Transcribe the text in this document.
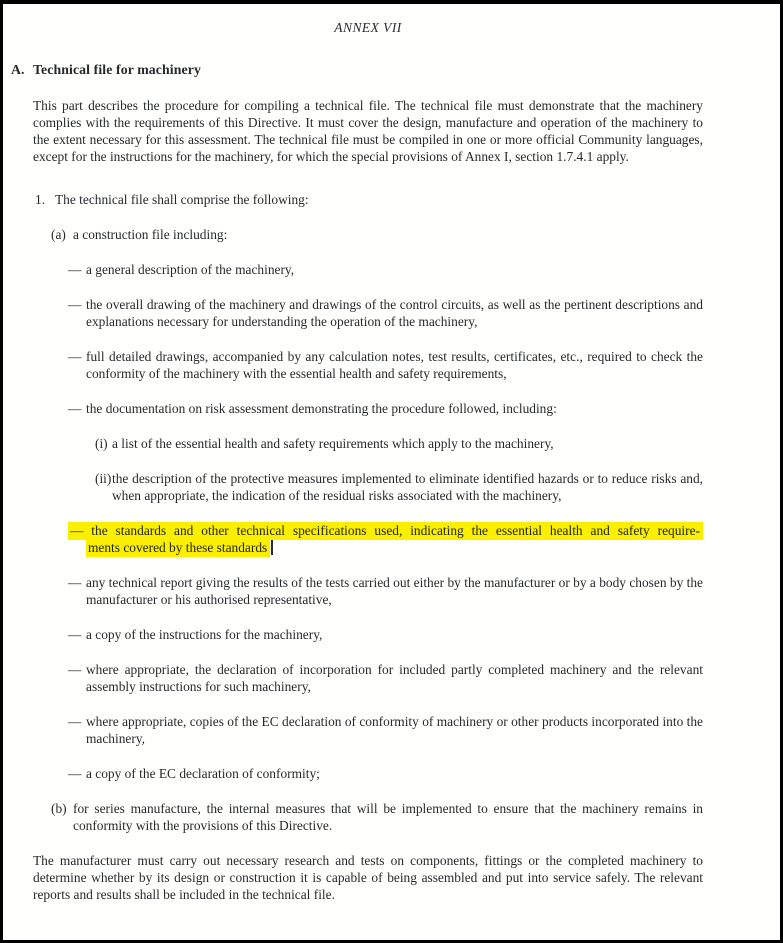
ANNEX VII
A. Technical file for machinery

This part describes the procedure for compiling a technical file. The technical file must demonstrate that the machinery complies with the requirements of this Directive. It must cover the design, manufacture and operation of the machinery to the extent necessary for this assessment. The technical file must be compiled in one or more official Community languages, except for the instructions for the machinery, for which the special provisions of Annex I, section 1.7.4.1 apply.

1. The technical file shall comprise the following:
(a) a construction file including:
— a general description of the machinery,
— the overall drawing of the machinery and drawings of the control circuits, as well as the pertinent descriptions and explanations necessary for understanding the operation of the machinery,
— full detailed drawings, accompanied by any calculation notes, test results, certificates, etc., required to check the conformity of the machinery with the essential health and safety requirements,
— the documentation on risk assessment demonstrating the procedure followed, including:
(i) a list of the essential health and safety requirements which apply to the machinery,
(ii) the description of the protective measures implemented to eliminate identified hazards or to reduce risks and, when appropriate, the indication of the residual risks associated with the machinery,
— the standards and other technical specifications used, indicating the essential health and safety require-
ments covered by these standards
— any technical report giving the results of the tests carried out either by the manufacturer or by a body chosen by the manufacturer or his authorised representative,
— a copy of the instructions for the machinery,
— where appropriate, the declaration of incorporation for included partly completed machinery and the relevant assembly instructions for such machinery,
— where appropriate, copies of the EC declaration of conformity of machinery or other products incorporated into the machinery,
— a copy of the EC declaration of conformity;
(b) for series manufacture, the internal measures that will be implemented to ensure that the machinery remains in conformity with the provisions of this Directive.

The manufacturer must carry out necessary research and tests on components, fittings or the completed machinery to determine whether by its design or construction it is capable of being assembled and put into service safely. The relevant reports and results shall be included in the technical file.
